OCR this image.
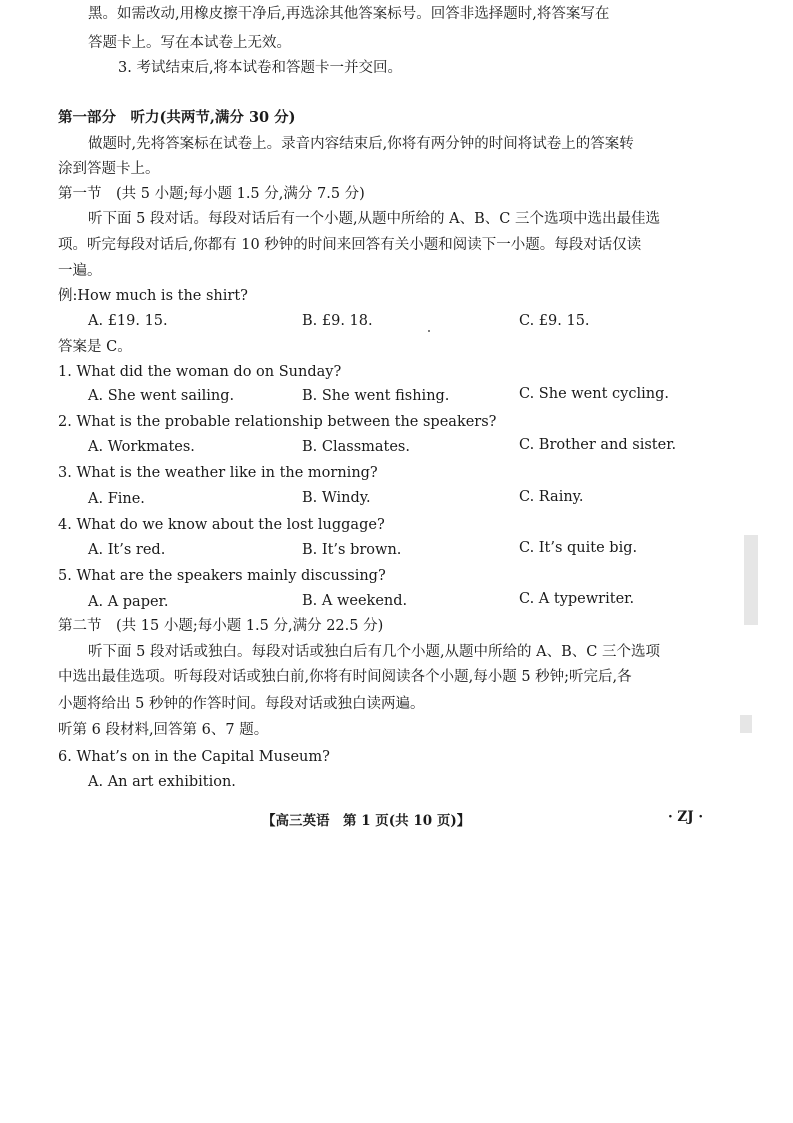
黑。如需改动,用橡皮擦干净后,再选涂其他答案标号。回答非选择题时,将答案写在
答题卡上。写在本试卷上无效。
3. 考试结束后,将本试卷和答题卡一并交回。
第一部分　听力(共两节,满分 30 分)
做题时,先将答案标在试卷上。录音内容结束后,你将有两分钟的时间将试卷上的答案转
涂到答题卡上。
第一节　(共 5 小题;每小题 1.5 分,满分 7.5 分)
听下面 5 段对话。每段对话后有一个小题,从题中所给的 A、B、C 三个选项中选出最佳选
项。听完每段对话后,你都有 10 秒钟的时间来回答有关小题和阅读下一小题。每段对话仅读
一遍。
例:How much is the shirt?
A. £19. 15.	B. £9. 18.	C. £9. 15.
答案是 C。
1. What did the woman do on Sunday?
A. She went sailing.	B. She went fishing.	C. She went cycling.
2. What is the probable relationship between the speakers?
A. Workmates.	B. Classmates.	C. Brother and sister.
3. What is the weather like in the morning?
A. Fine.	B. Windy.	C. Rainy.
4. What do we know about the lost luggage?
A. It’s red.	B. It’s brown.	C. It’s quite big.
5. What are the speakers mainly discussing?
A. A paper.	B. A weekend.	C. A typewriter.
第二节　(共 15 小题;每小题 1.5 分,满分 22.5 分)
听下面 5 段对话或独白。每段对话或独白后有几个小题,从题中所给的 A、B、C 三个选项
中选出最佳选项。听每段对话或独白前,你将有时间阅读各个小题,每小题 5 秒钟;听完后,各
小题将给出 5 秒钟的作答时间。每段对话或独白读两遍。
听第 6 段材料,回答第 6、7 题。
6. What’s on in the Capital Museum?
A. An art exhibition.
【高三英语　第 1 页(共 10 页)】	· ZJ ·
